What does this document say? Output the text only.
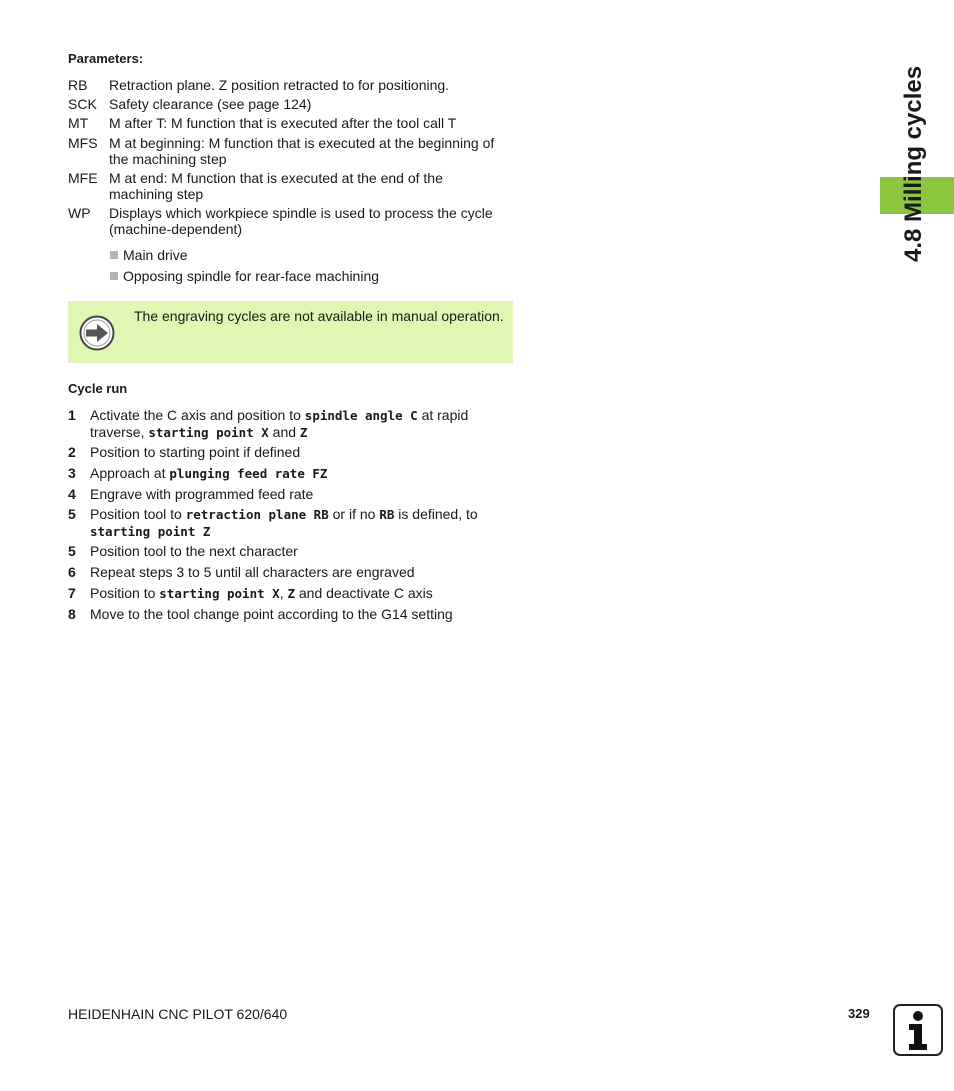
Parameters:
RB Retraction plane. Z position retracted to for positioning.
SCK Safety clearance (see page 124)
MT M after T: M function that is executed after the tool call T
MFS M at beginning: M function that is executed at the beginning of the machining step
MFE M at end: M function that is executed at the end of the machining step
WP Displays which workpiece spindle is used to process the cycle (machine-dependent)
Main drive
Opposing spindle for rear-face machining
The engraving cycles are not available in manual operation.
Cycle run
1 Activate the C axis and position to spindle angle C at rapid traverse, starting point X and Z
2 Position to starting point if defined
3 Approach at plunging feed rate FZ
4 Engrave with programmed feed rate
5 Position tool to retraction plane RB or if no RB is defined, to starting point Z
5 Position tool to the next character
6 Repeat steps 3 to 5 until all characters are engraved
7 Position to starting point X, Z and deactivate C axis
8 Move to the tool change point according to the G14 setting
4.8 Milling cycles
HEIDENHAIN CNC PILOT 620/640	329
